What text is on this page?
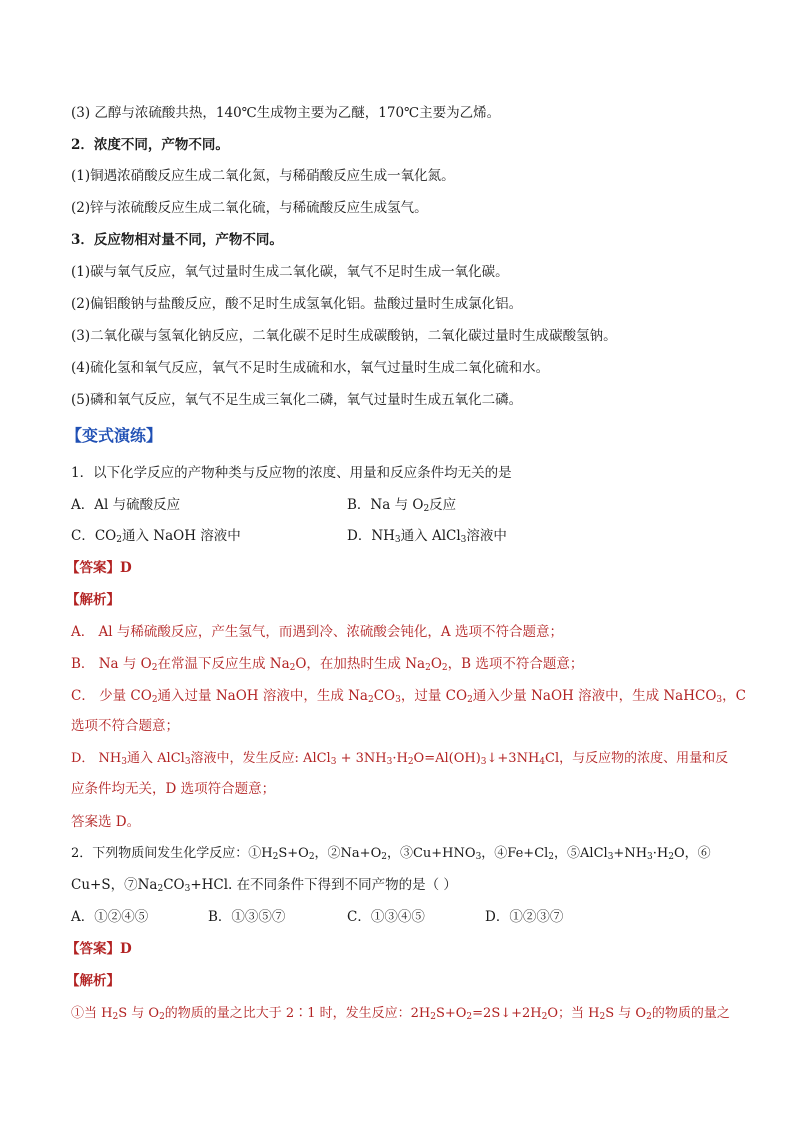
(3) 乙醇与浓硫酸共热，140℃生成物主要为乙醚，170℃主要为乙烯。
2．浓度不同，产物不同。
(1)铜遇浓硝酸反应生成二氧化氮，与稀硝酸反应生成一氧化氮。
(2)锌与浓硫酸反应生成二氧化硫，与稀硫酸反应生成氢气。
3．反应物相对量不同，产物不同。
(1)碳与氧气反应，氧气过量时生成二氧化碳，氧气不足时生成一氧化碳。
(2)偏铝酸钠与盐酸反应，酸不足时生成氢氧化铝。盐酸过量时生成氯化铝。
(3)二氧化碳与氢氧化钠反应，二氧化碳不足时生成碳酸钠，二氧化碳过量时生成碳酸氢钠。
(4)硫化氢和氧气反应，氧气不足时生成硫和水，氧气过量时生成二氧化硫和水。
(5)磷和氧气反应，氧气不足生成三氧化二磷，氧气过量时生成五氧化二磷。
【变式演练】
1．以下化学反应的产物种类与反应物的浓度、用量和反应条件均无关的是
A．Al 与硫酸反应	B．Na 与 $O_2$反应
C．$CO_2$通入 NaOH 溶液中	D．$NH_3$通入 AlCl$_3$溶液中
【答案】D
【解析】
A． Al 与稀硫酸反应，产生氢气，而遇到冷、浓硫酸会钝化，A 选项不符合题意；
B． Na 与 $O_2$在常温下反应生成 $Na_2O$，在加热时生成 $Na_2O_2$，B 选项不符合题意；
C． 少量 $CO_2$通入过量 NaOH 溶液中，生成 $Na_2CO_3$，过量 $CO_2$通入少量 NaOH 溶液中，生成 NaHCO$_3$，C
选项不符合题意；
D． $NH_3$通入 AlCl$_3$溶液中，发生反应: AlCl$_3$ + $3NH_3\cdot H_2O=Al(OH)_3↓+3NH_4Cl$，与反应物的浓度、用量和反
应条件均无关，D 选项符合题意；
答案选 D。
2．下列物质间发生化学反应：$①H_2S+O_2$，$②Na+O_2$，$③Cu+HNO_3$，$④Fe+Cl_2$，$⑤AlCl_3+NH_3\cdot H_2O$，⑥
Cu+S，$⑦Na_2CO_3+HCl$. 在不同条件下得到不同产物的是（ ）
A．①②④⑤	B．①③⑤⑦	C．①③④⑤	D．①②③⑦
【答案】D
【解析】
①当 $H_2S$ 与 $O_2$的物质的量之比大于 2∶1 时，发生反应：$2H_2S+O_2=2S↓+2H_2O$；当 $H_2S$ 与 $O_2$的物质的量之
